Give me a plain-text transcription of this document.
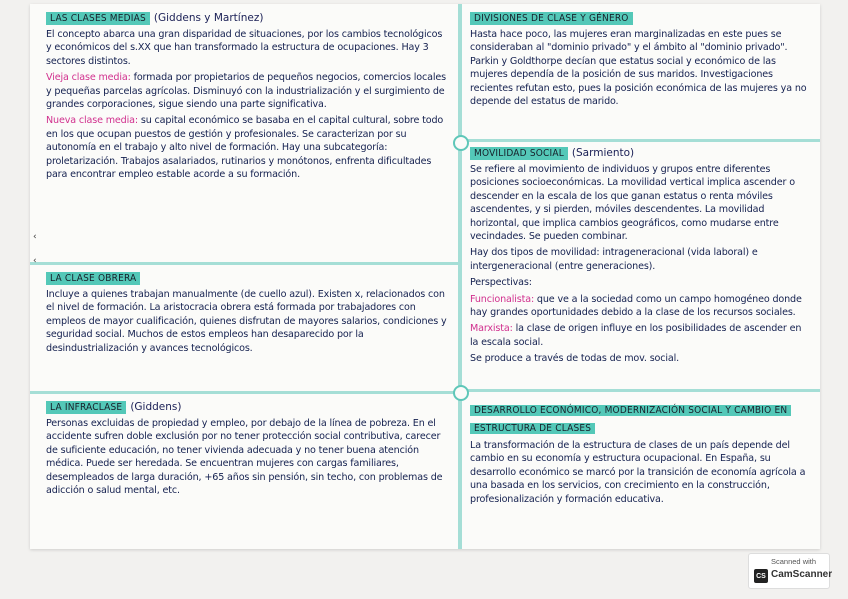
LAS CLASES MEDIAS (Giddens y Martínez)

El concepto abarca una gran disparidad de situaciones, por los cambios tecnológicos y económicos del s.XX que han transformado la estructura de ocupaciones. Hay 3 sectores distintos.

Vieja clase media: formada por propietarios de pequeños negocios, comercios locales y pequeñas parcelas agrícolas. Disminuyó con la industrialización y el surgimiento de grandes corporaciones, sigue siendo una parte significativa.

Nueva clase media: su capital económico se basaba en el capital cultural, sobre todo en los que ocupan puestos de gestión y profesionales. Se caracterizan por su autonomía en el trabajo y alto nivel de formación. Hay una subcategoría: proletarización. Trabajos asalariados, rutinarios y monótonos, enfrenta dificultades para encontrar empleo estable acorde a su formación.

LA CLASE OBRERA

Incluye a quienes trabajan manualmente (de cuello azul). Existen x, relacionados con el nivel de formación. La aristocracia obrera está formada por trabajadores con empleos de mayor cualificación, quienes disfrutan de mayores salarios, condiciones y seguridad social. Muchos de estos empleos han desaparecido por la desindustrialización y avances tecnológicos.

LA INFRACLASE (Giddens)

Personas excluidas de propiedad y empleo, por debajo de la línea de pobreza. En el accidente sufren doble exclusión por no tener protección social contributiva, carecer de suficiente educación, no tener vivienda adecuada y no tener buena atención médica. Puede ser heredada. Se encuentran mujeres con cargas familiares, desempleados de larga duración, +65 años sin pensión, sin techo, con problemas de adicción o salud mental, etc.

DIVISIONES DE CLASE Y GÉNERO

Hasta hace poco, las mujeres eran marginalizadas en este pues se consideraban al "dominio privado" y el ámbito al "dominio privado". Parkin y Goldthorpe decían que estatus social y económico de las mujeres dependía de la posición de sus maridos. Investigaciones recientes refutan esto, pues la posición económica de las mujeres ya no depende del estatus de marido.

MOVILIDAD SOCIAL (Sarmiento)

Se refiere al movimiento de individuos y grupos entre diferentes posiciones socioeconómicas. La movilidad vertical implica ascender o descender en la escala de los que ganan estatus o renta móviles ascendentes, y si pierden, móviles descendentes. La movilidad horizontal, que implica cambios geográficos, como mudarse entre vecindades. Se pueden combinar.

Hay dos tipos de movilidad: intrageneracional (vida laboral) e intergeneracional (entre generaciones).

Perspectivas:

Funcionalista: que ve a la sociedad como un campo homogéneo donde hay grandes oportunidades debido a la clase de los recursos sociales.

Marxista: la clase de origen influye en los posibilidades de ascender en la escala social.

Se produce a través de todas de mov. social.

DESARROLLO ECONÓMICO, MODERNIZACIÓN SOCIAL Y CAMBIO EN ESTRUCTURA DE CLASES

La transformación de la estructura de clases de un país depende del cambio en su economía y estructura ocupacional. En España, su desarrollo económico se marcó por la transición de economía agrícola a una basada en los servicios, con crecimiento en la construcción, profesionalización y formación educativa.

‹
‹
Scanned with
CS CamScanner
